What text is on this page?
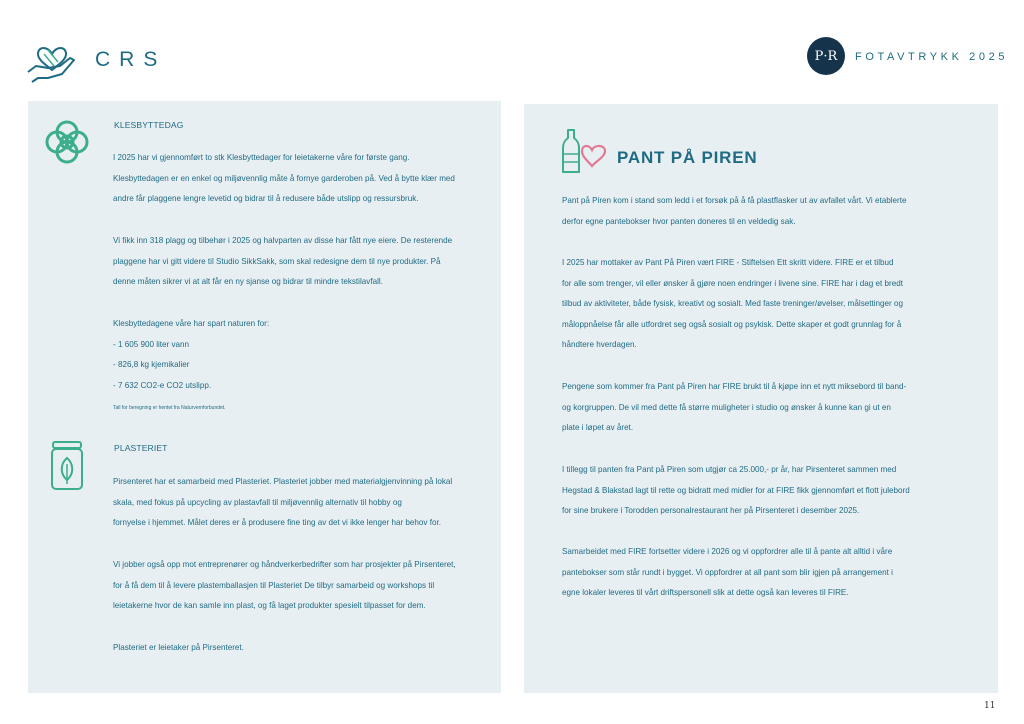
CRS	P·R	FOTAVTRYKK 2025
KLESBYTTEDAG
I 2025 har vi gjennomført to stk Klesbyttedager for leietakerne våre for første gang.
Klesbyttedagen er en enkel og miljøvennlig måte å fornye garderoben på. Ved å bytte klær med
andre får plaggene lengre levetid og bidrar til å redusere både utslipp og ressursbruk.
Vi fikk inn 318 plagg og tilbehør i 2025 og halvparten av disse har fått nye eiere. De resterende
plaggene har vi gitt videre til Studio SikkSakk, som skal redesigne dem til nye produkter. På
denne måten sikrer vi at alt får en ny sjanse og bidrar til mindre tekstilavfall.
Klesbyttedagene våre har spart naturen for:
- 1 605 900 liter vann
- 826,8 kg kjemikalier
- 7 632 CO2-e CO2 utslipp.
Tall for beregning er hentet fra Naturvernforbundet.
PLASTERIET
Pirsenteret har et samarbeid med Plasteriet. Plasteriet jobber med materialgjenvinning på lokal
skala, med fokus på upcycling av plastavfall til miljøvennlig alternativ til hobby og
fornyelse i hjemmet. Målet deres er å produsere fine ting av det vi ikke lenger har behov for.
Vi jobber også opp mot entreprenører og håndverkerbedrifter som har prosjekter på Pirsenteret,
for å få dem til å levere plastemballasjen til Plasteriet De tilbyr samarbeid og workshops til
leietakerne hvor de kan samle inn plast, og få laget produkter spesielt tilpasset for dem.
Plasteriet er leietaker på Pirsenteret.
PANT PÅ PIREN
Pant på Piren kom i stand som ledd i et forsøk på å få plastflasker ut av avfallet vårt. Vi etablerte
derfor egne pantebokser hvor panten doneres til en veldedig sak.
I 2025 har mottaker av Pant På Piren vært FIRE - Stiftelsen Ett skritt videre. FIRE er et tilbud
for alle som trenger, vil eller ønsker å gjøre noen endringer i livene sine. FIRE har i dag et bredt
tilbud av aktiviteter, både fysisk, kreativt og sosialt. Med faste treninger/øvelser, målsettinger og
måloppnåelse får alle utfordret seg også sosialt og psykisk. Dette skaper et godt grunnlag for å
håndtere hverdagen.
Pengene som kommer fra Pant på Piren har FIRE brukt til å kjøpe inn et nytt miksebord til band-
og korgruppen. De vil med dette få større muligheter i studio og ønsker å kunne kan gi ut en
plate i løpet av året.
I tillegg til panten fra Pant på Piren som utgjør ca 25.000,- pr år, har Pirsenteret sammen med
Hegstad & Blakstad lagt til rette og bidratt med midler for at FIRE fikk gjennomført et flott julebord
for sine brukere i Torodden personalrestaurant her på Pirsenteret i desember 2025.
Samarbeidet med FIRE fortsetter videre i 2026 og vi oppfordrer alle til å pante alt alltid i våre
pantebokser som står rundt i bygget. Vi oppfordrer at all pant som blir igjen på arrangement i
egne lokaler leveres til vårt driftspersonell slik at dette også kan leveres til FIRE.
11
